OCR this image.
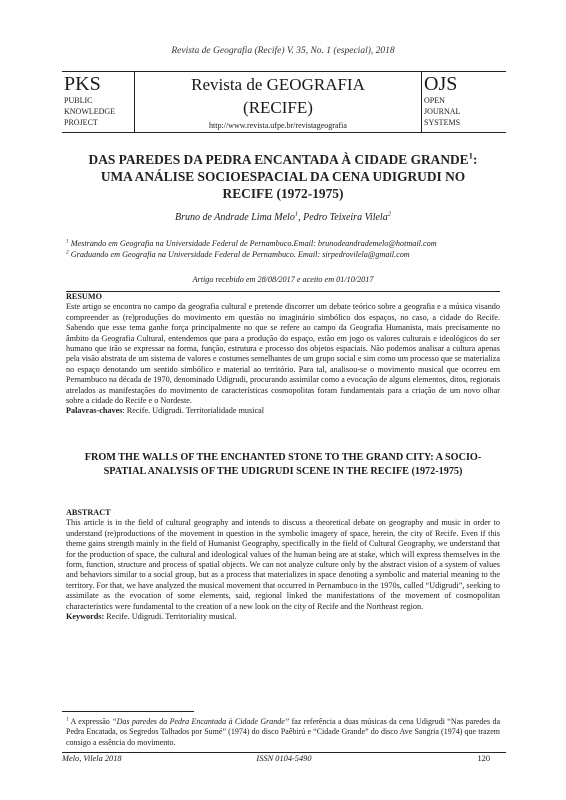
Revista de Geografia (Recife) V. 35, No. 1 (especial), 2018
PKS
PUBLIC
KNOWLEDGE
PROJECT
Revista de GEOGRAFIA
(RECIFE)
http://www.revista.ufpe.br/revistageografia
OJS
OPEN
JOURNAL
SYSTEMS
DAS PAREDES DA PEDRA ENCANTADA À CIDADE GRANDE$^1$: UMA ANÁLISE SOCIOESPACIAL DA CENA UDIGRUDI NO RECIFE (1972-1975)
Bruno de Andrade Lima Melo$^1$, Pedro Teixeira Vilela$^2$
$^1$ Mestrando em Geografia na Universidade Federal de Pernambuco.Email: brunodeandrademelo@hotmail.com
$^2$ Graduando em Geografia na Universidade Federal de Pernambuco. Email: sirpedrovilela@gmail.com
Artigo recebido em 28/08/2017 e aceito em 01/10/2017
RESUMO
Este artigo se encontra no campo da geografia cultural e pretende discorrer um debate teórico sobre a geografia e a música visando compreender as (re)produções do movimento em questão no imaginário simbólico dos espaços, no caso, a cidade do Recife. Sabendo que esse tema ganhe força principalmente no que se refere ao campo da Geografia Humanista, mais precisamente no âmbito da Geografia Cultural, entendemos que para a produção do espaço, estão em jogo os valores culturais e ideológicos do ser humano que irão se expressar na forma, função, estrutura e processo dos objetos espaciais. Não podemos analisar a cultura apenas pela visão abstrata de um sistema de valores e costumes semelhantes de um grupo social e sim como um processo que se materializa no espaço denotando um sentido simbólico e material ao território. Para tal, analisou-se o movimento musical que ocorreu em Pernambuco na década de 1970, denominado Udigrudi, procurando assimilar como a evocação de alguns elementos, ditos, regionais atrelados as manifestações do movimento de características cosmopolitas foram fundamentais para a criação de um novo olhar sobre a cidade do Recife e o Nordeste.
Palavras-chaves: Recife. Udigrudi. Territorialidade musical
FROM THE WALLS OF THE ENCHANTED STONE TO THE GRAND CITY: A SOCIO-SPATIAL ANALYSIS OF THE UDIGRUDI SCENE IN THE RECIFE (1972-1975)
ABSTRACT
This article is in the field of cultural geography and intends to discuss a theoretical debate on geography and music in order to understand (re)productions of the movement in question in the symbolic imagery of space, herein, the city of Recife. Even if this theme gains strength mainly in the field of Humanist Geography, specifically in the field of Cultural Geography, we understand that for the production of space, the cultural and ideological values of the human being are at stake, which will express themselves in the form, function, structure and process of spatial objects. We can not analyze culture only by the abstract vision of a system of values and behaviors similar to a social group, but as a process that materializes in space denoting a symbolic and material meaning to the territory. For that, we have analyzed the musical movement that occurred in Pernambuco in the 1970s, called “Udigrudi”, seeking to assimilate as the evocation of some elements, said, regional linked the manifestations of the movement of cosmopolitan characteristics were fundamental to the creation of a new look on the city of Recife and the Northeast region.
Keywords: Recife. Udigrudi. Territoriality musical.
$^1$ A expressão “Das paredes da Pedra Encantada à Cidade Grande” faz referência a duas músicas da cena Udigrudi “Nas paredes da Pedra Encatada, os Segredos Talhados por Sumé” (1974) do disco Paêbirú e “Cidade Grande” do disco Ave Sangria (1974) que trazem consigo a essência do movimento.
Melo, Vilela 2018	ISSN 0104-5490	120
